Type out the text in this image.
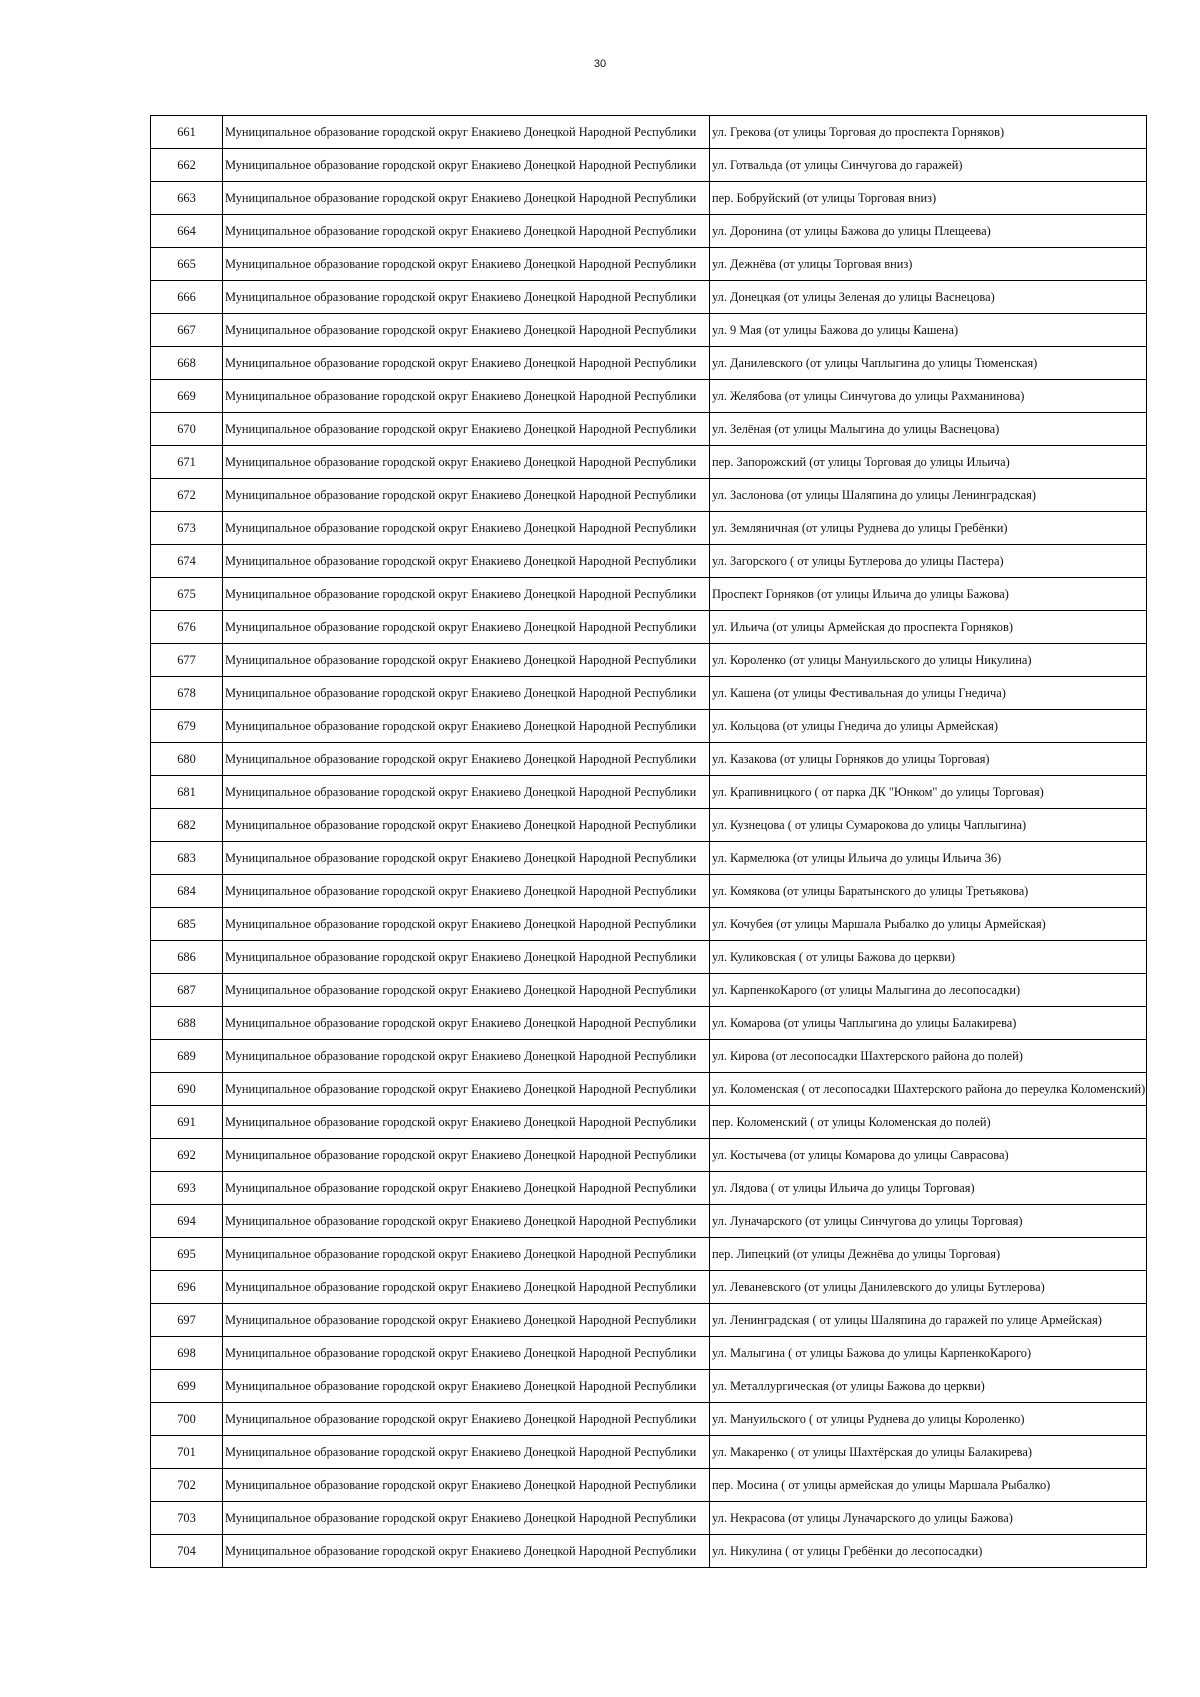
30
661	Муниципальное образование городской округ Енакиево Донецкой Народной Республики	ул. Грекова (от улицы Торговая до проспекта Горняков)
662	Муниципальное образование городской округ Енакиево Донецкой Народной Республики	ул. Готвальда (от улицы Синчугова до гаражей)
663	Муниципальное образование городской округ Енакиево Донецкой Народной Республики	пер. Бобруйский (от улицы Торговая вниз)
664	Муниципальное образование городской округ Енакиево Донецкой Народной Республики	ул. Доронина (от улицы Бажова до улицы Плещеева)
665	Муниципальное образование городской округ Енакиево Донецкой Народной Республики	ул. Дежнёва (от улицы Торговая вниз)
666	Муниципальное образование городской округ Енакиево Донецкой Народной Республики	ул. Донецкая (от улицы Зеленая до улицы Васнецова)
667	Муниципальное образование городской округ Енакиево Донецкой Народной Республики	ул. 9 Мая (от улицы Бажова до улицы Кашена)
668	Муниципальное образование городской округ Енакиево Донецкой Народной Республики	ул. Данилевского (от улицы Чаплыгина до улицы Тюменская)
669	Муниципальное образование городской округ Енакиево Донецкой Народной Республики	ул. Желябова (от улицы Синчугова до улицы Рахманинова)
670	Муниципальное образование городской округ Енакиево Донецкой Народной Республики	ул. Зелёная (от улицы Малыгина до улицы Васнецова)
671	Муниципальное образование городской округ Енакиево Донецкой Народной Республики	пер. Запорожский (от улицы Торговая до улицы Ильича)
672	Муниципальное образование городской округ Енакиево Донецкой Народной Республики	ул. Заслонова (от улицы Шаляпина до улицы Ленинградская)
673	Муниципальное образование городской округ Енакиево Донецкой Народной Республики	ул. Земляничная (от улицы Руднева до улицы Гребёнки)
674	Муниципальное образование городской округ Енакиево Донецкой Народной Республики	ул. Загорского ( от улицы Бутлерова до улицы Пастера)
675	Муниципальное образование городской округ Енакиево Донецкой Народной Республики	Проспект Горняков (от улицы Ильича до улицы Бажова)
676	Муниципальное образование городской округ Енакиево Донецкой Народной Республики	ул. Ильича (от улицы Армейская до проспекта Горняков)
677	Муниципальное образование городской округ Енакиево Донецкой Народной Республики	ул. Короленко (от улицы Мануильского до улицы Никулина)
678	Муниципальное образование городской округ Енакиево Донецкой Народной Республики	ул. Кашена (от улицы Фестивальная до улицы Гнедича)
679	Муниципальное образование городской округ Енакиево Донецкой Народной Республики	ул. Кольцова (от улицы Гнедича до улицы Армейская)
680	Муниципальное образование городской округ Енакиево Донецкой Народной Республики	ул. Казакова (от улицы Горняков до улицы Торговая)
681	Муниципальное образование городской округ Енакиево Донецкой Народной Республики	ул. Крапивницкого ( от парка ДК "Юнком" до улицы Торговая)
682	Муниципальное образование городской округ Енакиево Донецкой Народной Республики	ул. Кузнецова ( от улицы Сумарокова до улицы Чаплыгина)
683	Муниципальное образование городской округ Енакиево Донецкой Народной Республики	ул. Кармелюка (от улицы Ильича до улицы Ильича 36)
684	Муниципальное образование городской округ Енакиево Донецкой Народной Республики	ул. Комякова (от улицы Баратынского до улицы Третьякова)
685	Муниципальное образование городской округ Енакиево Донецкой Народной Республики	ул. Кочубея (от улицы Маршала Рыбалко до улицы Армейская)
686	Муниципальное образование городской округ Енакиево Донецкой Народной Республики	ул. Куликовская ( от улицы Бажова до церкви)
687	Муниципальное образование городской округ Енакиево Донецкой Народной Республики	ул. КарпенкоКарого (от улицы Малыгина до лесопосадки)
688	Муниципальное образование городской округ Енакиево Донецкой Народной Республики	ул. Комарова (от улицы Чаплыгина до улицы Балакирева)
689	Муниципальное образование городской округ Енакиево Донецкой Народной Республики	ул. Кирова (от лесопосадки Шахтерского района до полей)
690	Муниципальное образование городской округ Енакиево Донецкой Народной Республики	ул. Коломенская ( от лесопосадки Шахтерского района до переулка Коломенский)
691	Муниципальное образование городской округ Енакиево Донецкой Народной Республики	пер. Коломенский ( от улицы Коломенская до полей)
692	Муниципальное образование городской округ Енакиево Донецкой Народной Республики	ул. Костычева (от улицы Комарова до улицы Саврасова)
693	Муниципальное образование городской округ Енакиево Донецкой Народной Республики	ул. Лядова ( от улицы Ильича до улицы Торговая)
694	Муниципальное образование городской округ Енакиево Донецкой Народной Республики	ул. Луначарского (от улицы Синчугова до улицы Торговая)
695	Муниципальное образование городской округ Енакиево Донецкой Народной Республики	пер. Липецкий (от улицы Дежнёва до улицы Торговая)
696	Муниципальное образование городской округ Енакиево Донецкой Народной Республики	ул. Леваневского (от улицы Данилевского до улицы Бутлерова)
697	Муниципальное образование городской округ Енакиево Донецкой Народной Республики	ул. Ленинградская ( от улицы Шаляпина до гаражей по улице Армейская)
698	Муниципальное образование городской округ Енакиево Донецкой Народной Республики	ул. Малыгина ( от улицы Бажова до улицы КарпенкоКарого)
699	Муниципальное образование городской округ Енакиево Донецкой Народной Республики	ул. Металлургическая (от улицы Бажова до церкви)
700	Муниципальное образование городской округ Енакиево Донецкой Народной Республики	ул. Мануильского ( от улицы Руднева до улицы Короленко)
701	Муниципальное образование городской округ Енакиево Донецкой Народной Республики	ул. Макаренко ( от улицы Шахтёрская до улицы Балакирева)
702	Муниципальное образование городской округ Енакиево Донецкой Народной Республики	пер. Мосина ( от улицы армейская до улицы Маршала Рыбалко)
703	Муниципальное образование городской округ Енакиево Донецкой Народной Республики	ул. Некрасова (от улицы Луначарского до улицы Бажова)
704	Муниципальное образование городской округ Енакиево Донецкой Народной Республики	ул. Никулина ( от улицы Гребёнки до лесопосадки)
